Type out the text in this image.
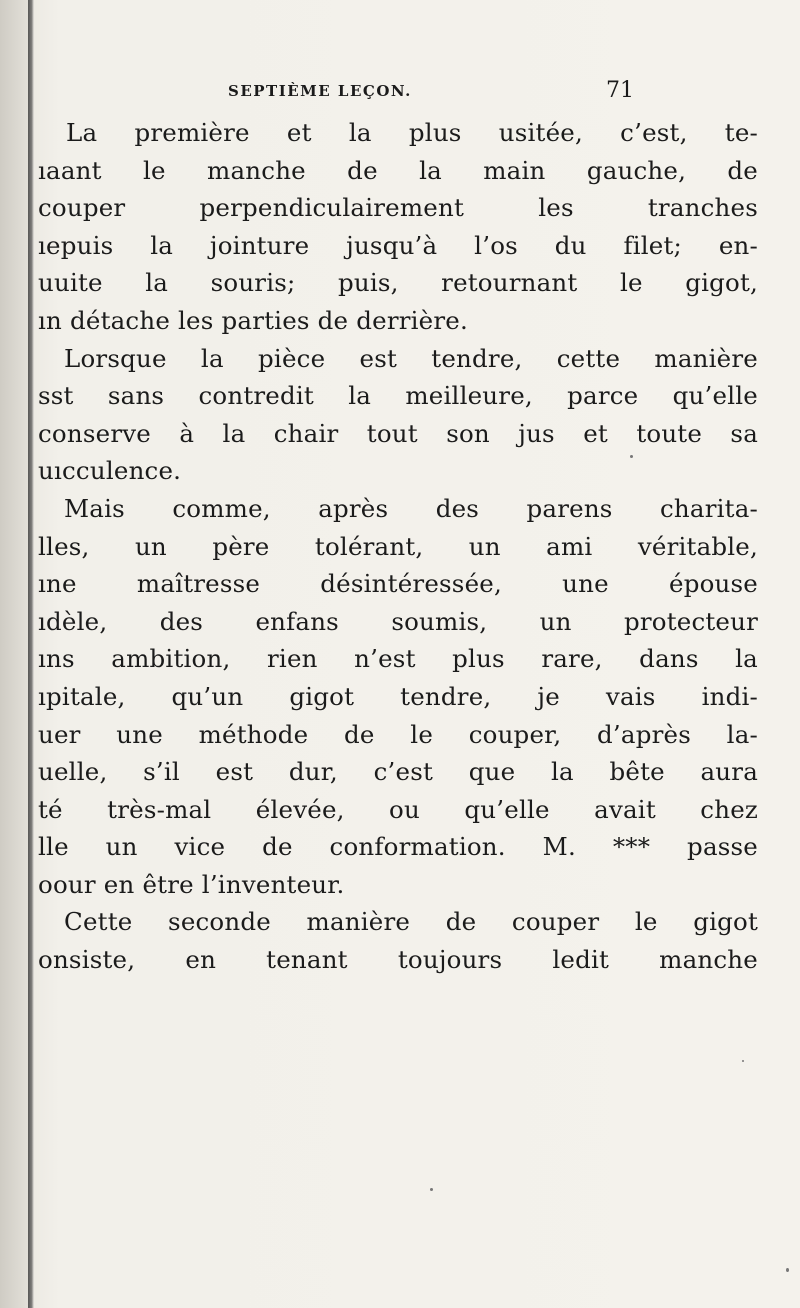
SEPTIÈME LEÇON.	71
La première et la plus usitée, c’est, te-
ıaant le manche de la main gauche, de
couper perpendiculairement les tranches
ıepuis la jointure jusqu’à l’os du filet; en-
uuite la souris; puis, retournant le gigot,
ın détache les parties de derrière.
Lorsque la pièce est tendre, cette manière
sst sans contredit la meilleure, parce qu’elle
conserve à la chair tout son jus et toute sa
uıcculence.
Mais comme, après des parens charita-
lles, un père tolérant, un ami véritable,
ıne maîtresse désintéressée, une épouse
ıdèle, des enfans soumis, un protecteur
ıns ambition, rien n’est plus rare, dans la
ıpitale, qu’un gigot tendre, je vais indi-
uer une méthode de le couper, d’après la-
uelle, s’il est dur, c’est que la bête aura
té très-mal élevée, ou qu’elle avait chez
lle un vice de conformation. M. *** passe
oour en être l’inventeur.
Cette seconde manière de couper le gigot
onsiste, en tenant toujours ledit manche
